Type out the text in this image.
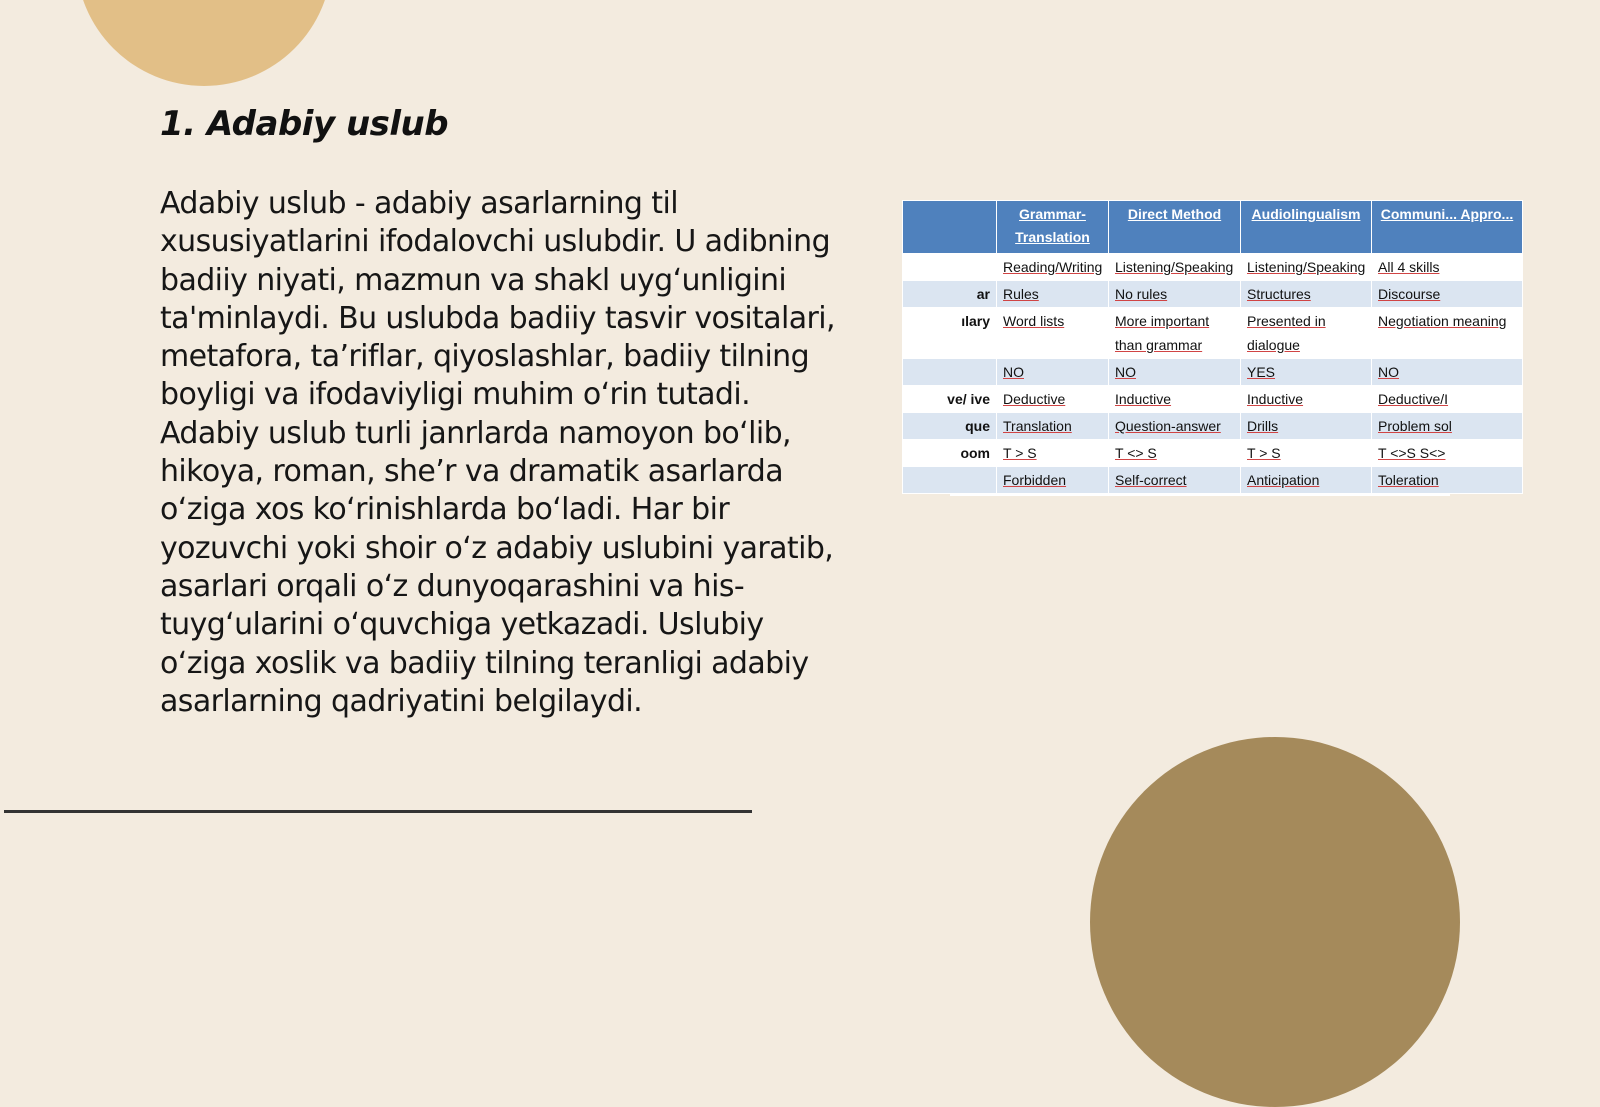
1. Adabiy uslub

Adabiy uslub - adabiy asarlarning til xususiyatlarini ifodalovchi uslubdir. U adibning badiiy niyati, mazmun va shakl uyg‘unligini ta'minlaydi. Bu uslubda badiiy tasvir vositalari, metafora, ta’riflar, qiyoslashlar, badiiy tilning boyligi va ifodaviyligi muhim o‘rin tutadi. Adabiy uslub turli janrlarda namoyon bo‘lib, hikoya, roman, she’r va dramatik asarlarda o‘ziga xos ko‘rinishlarda bo‘ladi. Har bir yozuvchi yoki shoir o‘z adabiy uslubini yaratib, asarlari orqali o‘z dunyoqarashini va his-tuyg‘ularini o‘quvchiga yetkazadi. Uslubiy o‘ziga xoslik va badiiy tilning teranligi adabiy asarlarning qadriyatini belgilaydi.

	Grammar-Translation	Direct Method	Audiolingualism	Communi... Appro...
	Reading/Writing	Listening/Speaking	Listening/Speaking	All 4 skills
ar	Rules	No rules	Structures	Discourse
ılary	Word lists	More important than grammar	Presented in dialogue	Negotiation meaning
	NO	NO	YES	NO
ve/ ive	Deductive	Inductive	Inductive	Deductive/I
que	Translation	Question-answer	Drills	Problem sol
oom	T > S	T <> S	T > S	T <>S S<>
	Forbidden	Self-correct	Anticipation	Toleration
